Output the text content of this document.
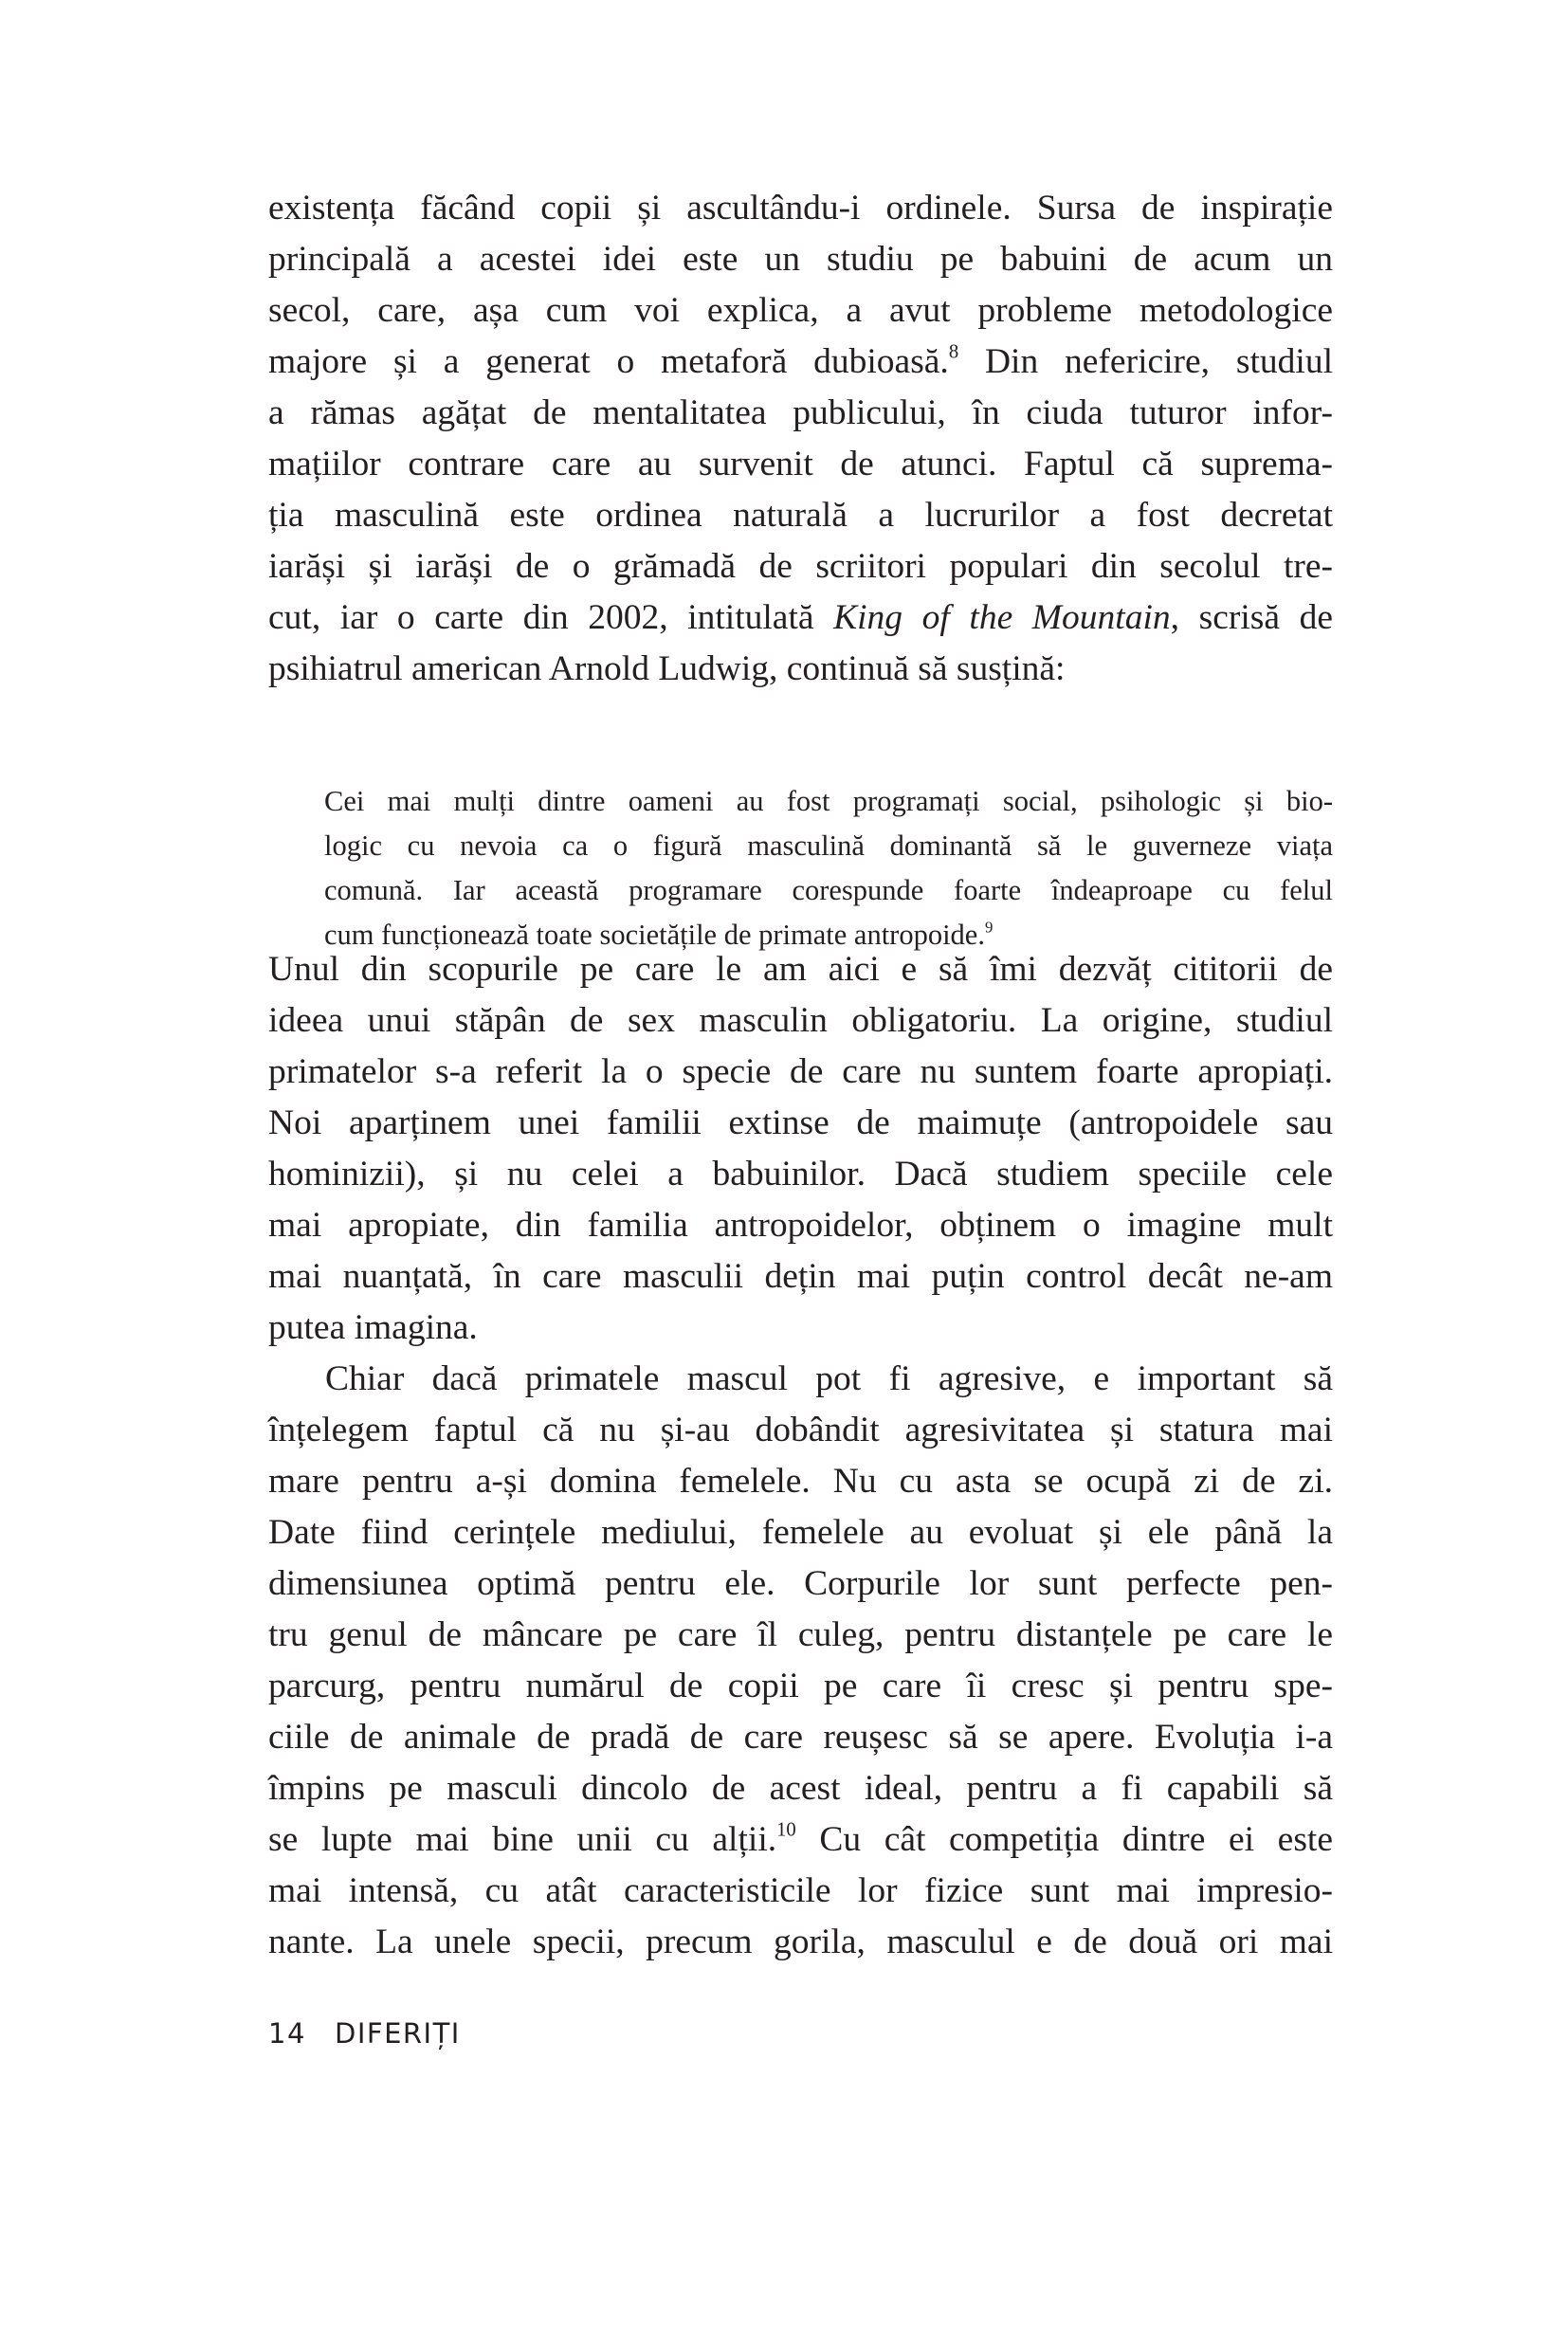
existența făcând copii și ascultându-i ordinele. Sursa de inspirație
principală a acestei idei este un studiu pe babuini de acum un
secol, care, așa cum voi explica, a avut probleme metodologice
majore și a generat o metaforă dubioasă.$^8$ Din nefericire, studiul
a rămas agățat de mentalitatea publicului, în ciuda tuturor infor-
mațiilor contrare care au survenit de atunci. Faptul că suprema-
ția masculină este ordinea naturală a lucrurilor a fost decretat
iarăși și iarăși de o grămadă de scriitori populari din secolul tre-
cut, iar o carte din 2002, intitulată King of the Mountain, scrisă de
psihiatrul american Arnold Ludwig, continuă să susțină:
Cei mai mulți dintre oameni au fost programați social, psihologic și bio-
logic cu nevoia ca o figură masculină dominantă să le guverneze viața
comună. Iar această programare corespunde foarte îndeaproape cu felul
cum funcționează toate societățile de primate antropoide.$^9$
Unul din scopurile pe care le am aici e să îmi dezvăț cititorii de
ideea unui stăpân de sex masculin obligatoriu. La origine, studiul
primatelor s-a referit la o specie de care nu suntem foarte apropiați.
Noi aparținem unei familii extinse de maimuțe (antropoidele sau
hominizii), și nu celei a babuinilor. Dacă studiem speciile cele
mai apropiate, din familia antropoidelor, obținem o imagine mult
mai nuanțată, în care masculii dețin mai puțin control decât ne-am
putea imagina.
Chiar dacă primatele mascul pot fi agresive, e important să
înțelegem faptul că nu și-au dobândit agresivitatea și statura mai
mare pentru a-și domina femelele. Nu cu asta se ocupă zi de zi.
Date fiind cerințele mediului, femelele au evoluat și ele până la
dimensiunea optimă pentru ele. Corpurile lor sunt perfecte pen-
tru genul de mâncare pe care îl culeg, pentru distanțele pe care le
parcurg, pentru numărul de copii pe care îi cresc și pentru spe-
ciile de animale de pradă de care reușesc să se apere. Evoluția i-a
împins pe masculi dincolo de acest ideal, pentru a fi capabili să
se lupte mai bine unii cu alții.$^{10}$ Cu cât competiția dintre ei este
mai intensă, cu atât caracteristicile lor fizice sunt mai impresio-
nante. La unele specii, precum gorila, masculul e de două ori mai
14 DIFERIȚI
